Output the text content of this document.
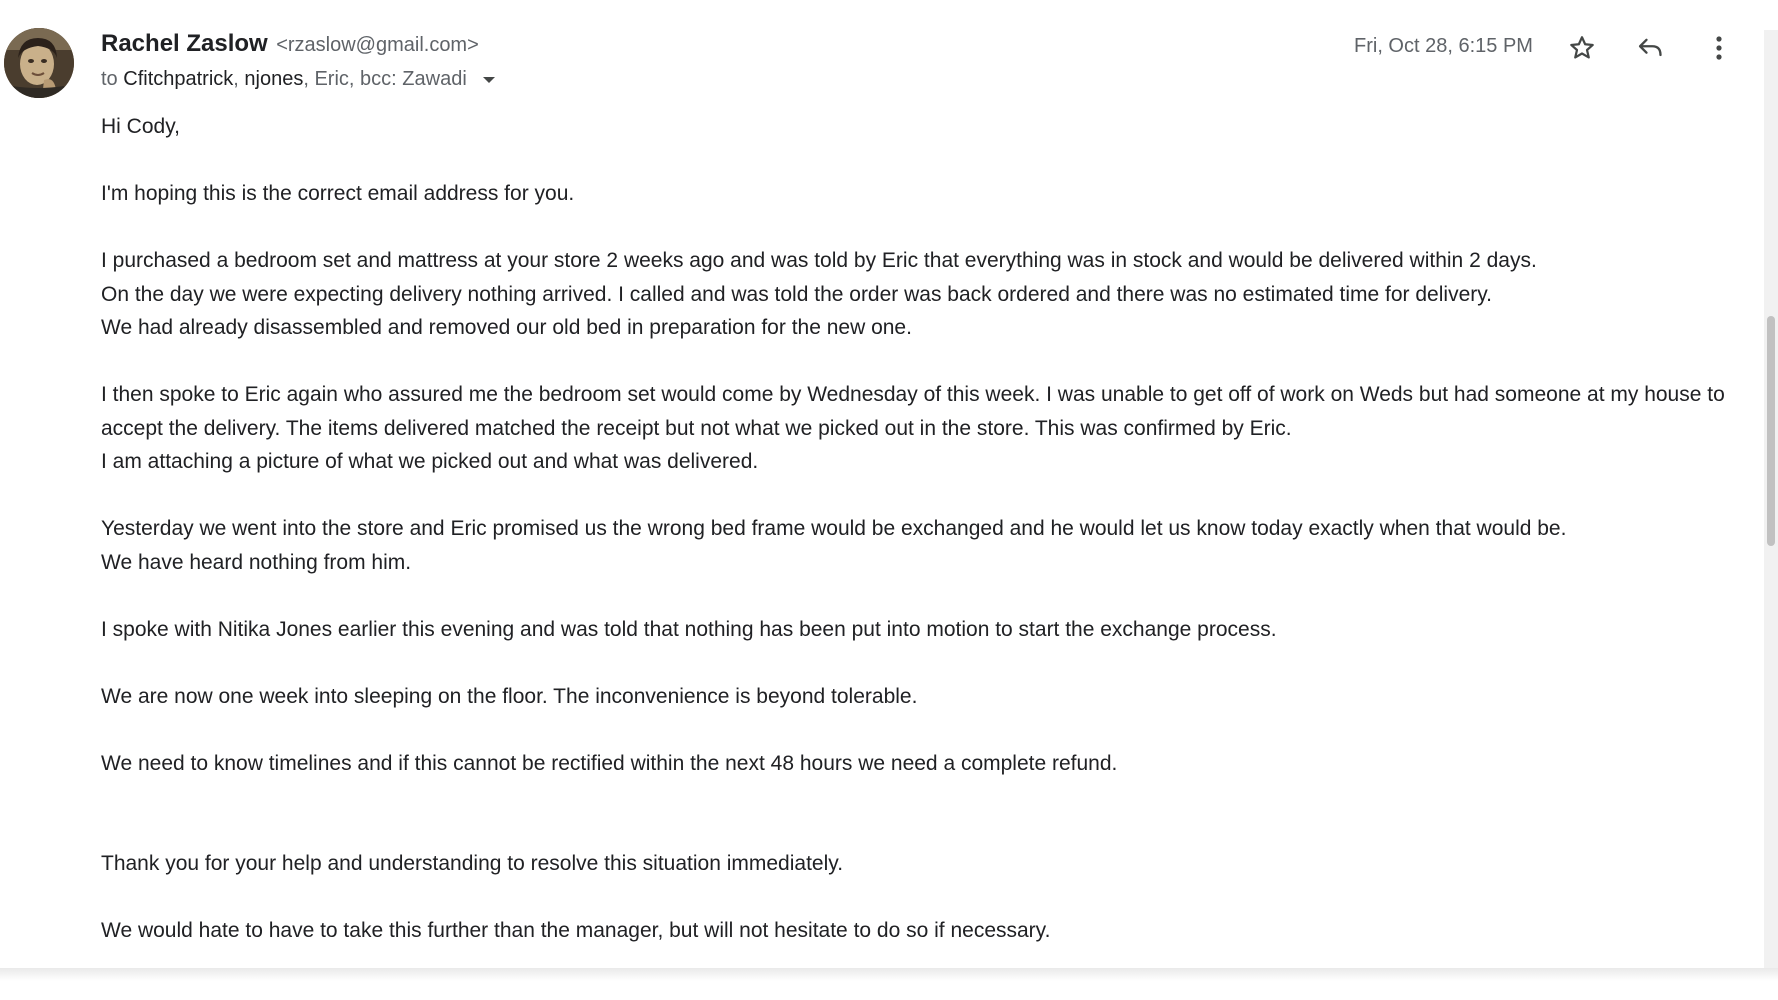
Rachel Zaslow <rzaslow@gmail.com>
to Cfitchpatrick, njones, Eric, bcc: Zawadi
Fri, Oct 28, 6:15 PM

Hi Cody,

I'm hoping this is the correct email address for you.

I purchased a bedroom set and mattress at your store 2 weeks ago and was told by Eric that everything was in stock and would be delivered within 2 days.
On the day we were expecting delivery nothing arrived. I called and was told the order was back ordered and there was no estimated time for delivery.
We had already disassembled and removed our old bed in preparation for the new one.

I then spoke to Eric again who assured me the bedroom set would come by Wednesday of this week. I was unable to get off of work on Weds but had someone at my house to accept the delivery. The items delivered matched the receipt but not what we picked out in the store. This was confirmed by Eric.
I am attaching a picture of what we picked out and what was delivered.

Yesterday we went into the store and Eric promised us the wrong bed frame would be exchanged and he would let us know today exactly when that would be.
We have heard nothing from him.

I spoke with Nitika Jones earlier this evening and was told that nothing has been put into motion to start the exchange process.

We are now one week into sleeping on the floor. The inconvenience is beyond tolerable.

We need to know timelines and if this cannot be rectified within the next 48 hours we need a complete refund.

Thank you for your help and understanding to resolve this situation immediately.

We would hate to have to take this further than the manager, but will not hesitate to do so if necessary.
